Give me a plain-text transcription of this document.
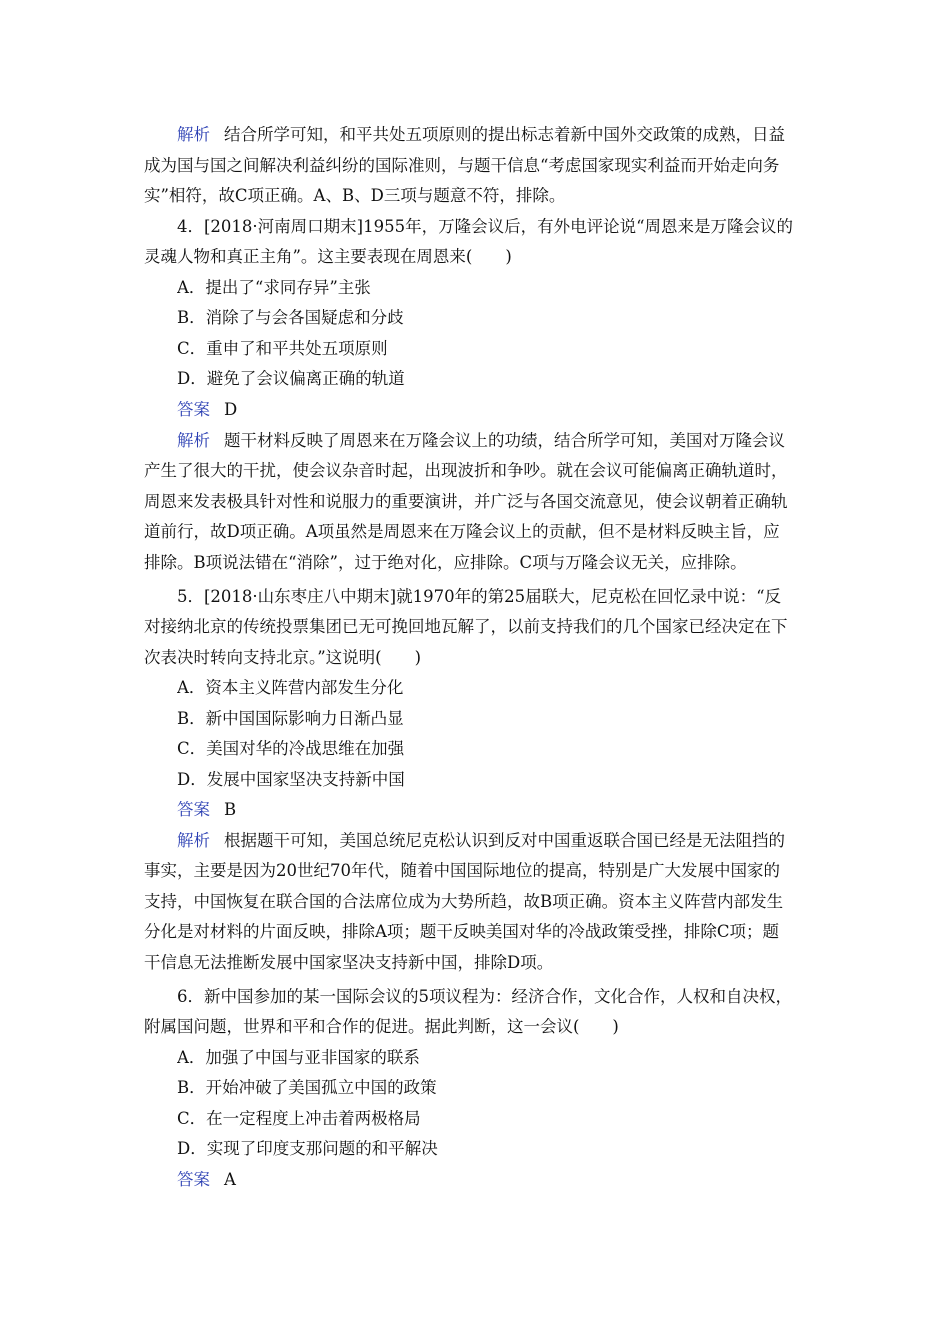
解析 结合所学可知，和平共处五项原则的提出标志着新中国外交政策的成熟，日益
成为国与国之间解决利益纠纷的国际准则，与题干信息“考虑国家现实利益而开始走向务
实”相符，故C项正确。A、B、D三项与题意不符，排除。
4．[2018·河南周口期末]1955年，万隆会议后，有外电评论说“周恩来是万隆会议的
灵魂人物和真正主角”。这主要表现在周恩来(　　)
A．提出了“求同存异”主张
B．消除了与会各国疑虑和分歧
C．重申了和平共处五项原则
D．避免了会议偏离正确的轨道
答案 D
解析 题干材料反映了周恩来在万隆会议上的功绩，结合所学可知，美国对万隆会议
产生了很大的干扰，使会议杂音时起，出现波折和争吵。就在会议可能偏离正确轨道时，
周恩来发表极具针对性和说服力的重要演讲，并广泛与各国交流意见，使会议朝着正确轨
道前行，故D项正确。A项虽然是周恩来在万隆会议上的贡献，但不是材料反映主旨，应
排除。B项说法错在“消除”，过于绝对化，应排除。C项与万隆会议无关，应排除。
5．[2018·山东枣庄八中期末]就1970年的第25届联大，尼克松在回忆录中说：“反
对接纳北京的传统投票集团已无可挽回地瓦解了，以前支持我们的几个国家已经决定在下
次表决时转向支持北京。”这说明(　　)
A．资本主义阵营内部发生分化
B．新中国国际影响力日渐凸显
C．美国对华的冷战思维在加强
D．发展中国家坚决支持新中国
答案 B
解析 根据题干可知，美国总统尼克松认识到反对中国重返联合国已经是无法阻挡的
事实，主要是因为20世纪70年代，随着中国国际地位的提高，特别是广大发展中国家的
支持，中国恢复在联合国的合法席位成为大势所趋，故B项正确。资本主义阵营内部发生
分化是对材料的片面反映，排除A项；题干反映美国对华的冷战政策受挫，排除C项；题
干信息无法推断发展中国家坚决支持新中国，排除D项。
6．新中国参加的某一国际会议的5项议程为：经济合作，文化合作，人权和自决权，
附属国问题，世界和平和合作的促进。据此判断，这一会议(　　)
A．加强了中国与亚非国家的联系
B．开始冲破了美国孤立中国的政策
C．在一定程度上冲击着两极格局
D．实现了印度支那问题的和平解决
答案 A
